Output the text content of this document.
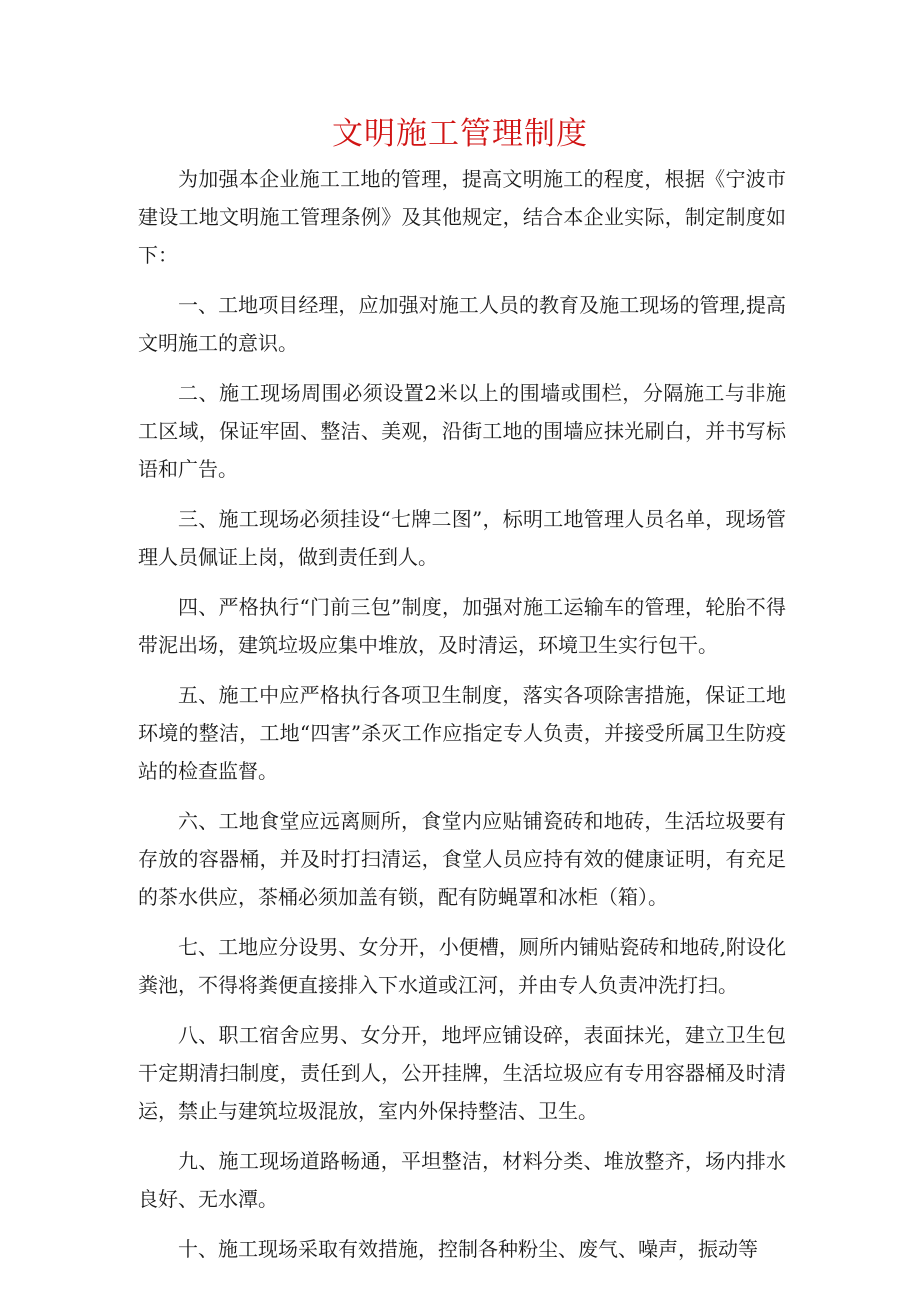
文明施工管理制度

为加强本企业施工工地的管理，提高文明施工的程度，根据《宁波市建设工地文明施工管理条例》及其他规定，结合本企业实际，制定制度如下：

一、工地项目经理，应加强对施工人员的教育及施工现场的管理,提高文明施工的意识。

二、施工现场周围必须设置2米以上的围墙或围栏，分隔施工与非施工区域，保证牢固、整洁、美观，沿街工地的围墙应抹光刷白，并书写标语和广告。

三、施工现场必须挂设“七牌二图”，标明工地管理人员名单，现场管理人员佩证上岗，做到责任到人。

四、严格执行“门前三包”制度，加强对施工运输车的管理，轮胎不得带泥出场，建筑垃圾应集中堆放，及时清运，环境卫生实行包干。

五、施工中应严格执行各项卫生制度，落实各项除害措施，保证工地环境的整洁，工地“四害”杀灭工作应指定专人负责，并接受所属卫生防疫站的检查监督。

六、工地食堂应远离厕所，食堂内应贴铺瓷砖和地砖，生活垃圾要有存放的容器桶，并及时打扫清运，食堂人员应持有效的健康证明，有充足的茶水供应，茶桶必须加盖有锁，配有防蝇罩和冰柜（箱）。

七、工地应分设男、女分开，小便槽，厕所内铺贴瓷砖和地砖,附设化粪池，不得将粪便直接排入下水道或江河，并由专人负责冲洗打扫。

八、职工宿舍应男、女分开，地坪应铺设碎，表面抹光，建立卫生包干定期清扫制度，责任到人，公开挂牌，生活垃圾应有专用容器桶及时清运，禁止与建筑垃圾混放，室内外保持整洁、卫生。

九、施工现场道路畅通，平坦整洁，材料分类、堆放整齐，场内排水良好、无水潭。

十、施工现场采取有效措施，控制各种粉尘、废气、噪声，振动等
